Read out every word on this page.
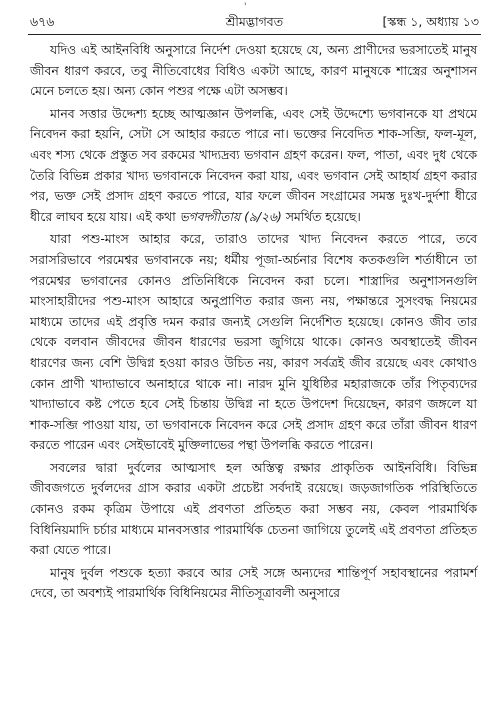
'
৬৭৬	শ্রীমদ্ভাগবত	[স্কন্ধ ১, অধ্যায় ১৩

যদিও এই আইনবিধি অনুসারে নির্দেশ দেওয়া হয়েছে যে, অন্য প্রাণীদের ভরসাতেই মানুষ জীবন ধারণ করবে, তবু নীতিবোধের বিধিও একটা আছে, কারণ মানুষকে শাস্ত্রের অনুশাসন মেনে চলতে হয়। অন্য কোন পশুর পক্ষে এটা অসম্ভব।

মানব সত্তার উদ্দেশ্য হচ্ছে আত্মজ্ঞান উপলব্ধি, এবং সেই উদ্দেশ্যে ভগবানকে যা প্রথমে নিবেদন করা হয়নি, সেটা সে আহার করতে পারে না। ভক্তের নিবেদিত শাক-সব্জি, ফল-মূল, এবং শস্য থেকে প্রস্তুত সব রকমের খাদ্যদ্রব্য ভগবান গ্রহণ করেন। ফল, পাতা, এবং দুধ থেকে তৈরি বিভিন্ন প্রকার খাদ্য ভগবানকে নিবেদন করা যায়, এবং ভগবান সেই আহার্য গ্রহণ করার পর, ভক্ত সেই প্রসাদ গ্রহণ করতে পারে, যার ফলে জীবন সংগ্রামের সমস্ত দুঃখ-দুর্দশা ধীরে ধীরে লাঘব হয়ে যায়। এই কথা ভগবদ্গীতায় (৯/২৬) সমর্থিত হয়েছে।

যারা পশু-মাংস আহার করে, তারাও তাদের খাদ্য নিবেদন করতে পারে, তবে সরাসরিভাবে পরমেশ্বর ভগবানকে নয়; ধর্মীয় পূজা-অর্চনার বিশেষ কতকগুলি শর্তাধীনে তা পরমেশ্বর ভগবানের কোনও প্রতিনিধিকে নিবেদন করা চলে। শাস্ত্রাদির অনুশাসনগুলি মাংসাহারীদের পশু-মাংস আহারে অনুপ্রাণিত করার জন্য নয়, পক্ষান্তরে সুসংবদ্ধ নিয়মের মাধ্যমে তাদের এই প্রবৃত্তি দমন করার জন্যই সেগুলি নির্দেশিত হয়েছে। কোনও জীব তার থেকে বলবান জীবদের জীবন ধারণের ভরসা জুগিয়ে থাকে। কোনও অবস্থাতেই জীবন ধারণের জন্য বেশি উদ্বিগ্ন হওয়া কারও উচিত নয়, কারণ সর্বত্রই জীব রয়েছে এবং কোথাও কোন প্রাণী খাদ্যাভাবে অনাহারে থাকে না। নারদ মুনি যুধিষ্ঠির মহারাজকে তাঁর পিতৃব্যদের খাদ্যাভাবে কষ্ট পেতে হবে সেই চিন্তায় উদ্বিগ্ন না হতে উপদেশ দিয়েছেন, কারণ জঙ্গলে যা শাক-সব্জি পাওয়া যায়, তা ভগবানকে নিবেদন করে সেই প্রসাদ গ্রহণ করে তাঁরা জীবন ধারণ করতে পারেন এবং সেইভাবেই মুক্তিলাভের পন্থা উপলব্ধি করতে পারেন।

সবলের দ্বারা দুর্বলের আত্মসাৎ হল অস্তিত্ব রক্ষার প্রাকৃতিক আইনবিধি। বিভিন্ন জীবজগতে দুর্বলদের গ্রাস করার একটা প্রচেষ্টা সর্বদাই রয়েছে। জড়জাগতিক পরিস্থিতিতে কোনও রকম কৃত্রিম উপায়ে এই প্রবণতা প্রতিহত করা সম্ভব নয়, কেবল পারমার্থিক বিধিনিয়মাদি চর্চার মাধ্যমে মানবসত্তার পারমার্থিক চেতনা জাগিয়ে তুলেই এই প্রবণতা প্রতিহত করা যেতে পারে।

মানুষ দুর্বল পশুকে হত্যা করবে আর সেই সঙ্গে অন্যদের শান্তিপূর্ণ সহাবস্থানের পরামর্শ দেবে, তা অবশ্যই পারমার্থিক বিধিনিয়মের নীতিসূত্রাবলী অনুসারে
